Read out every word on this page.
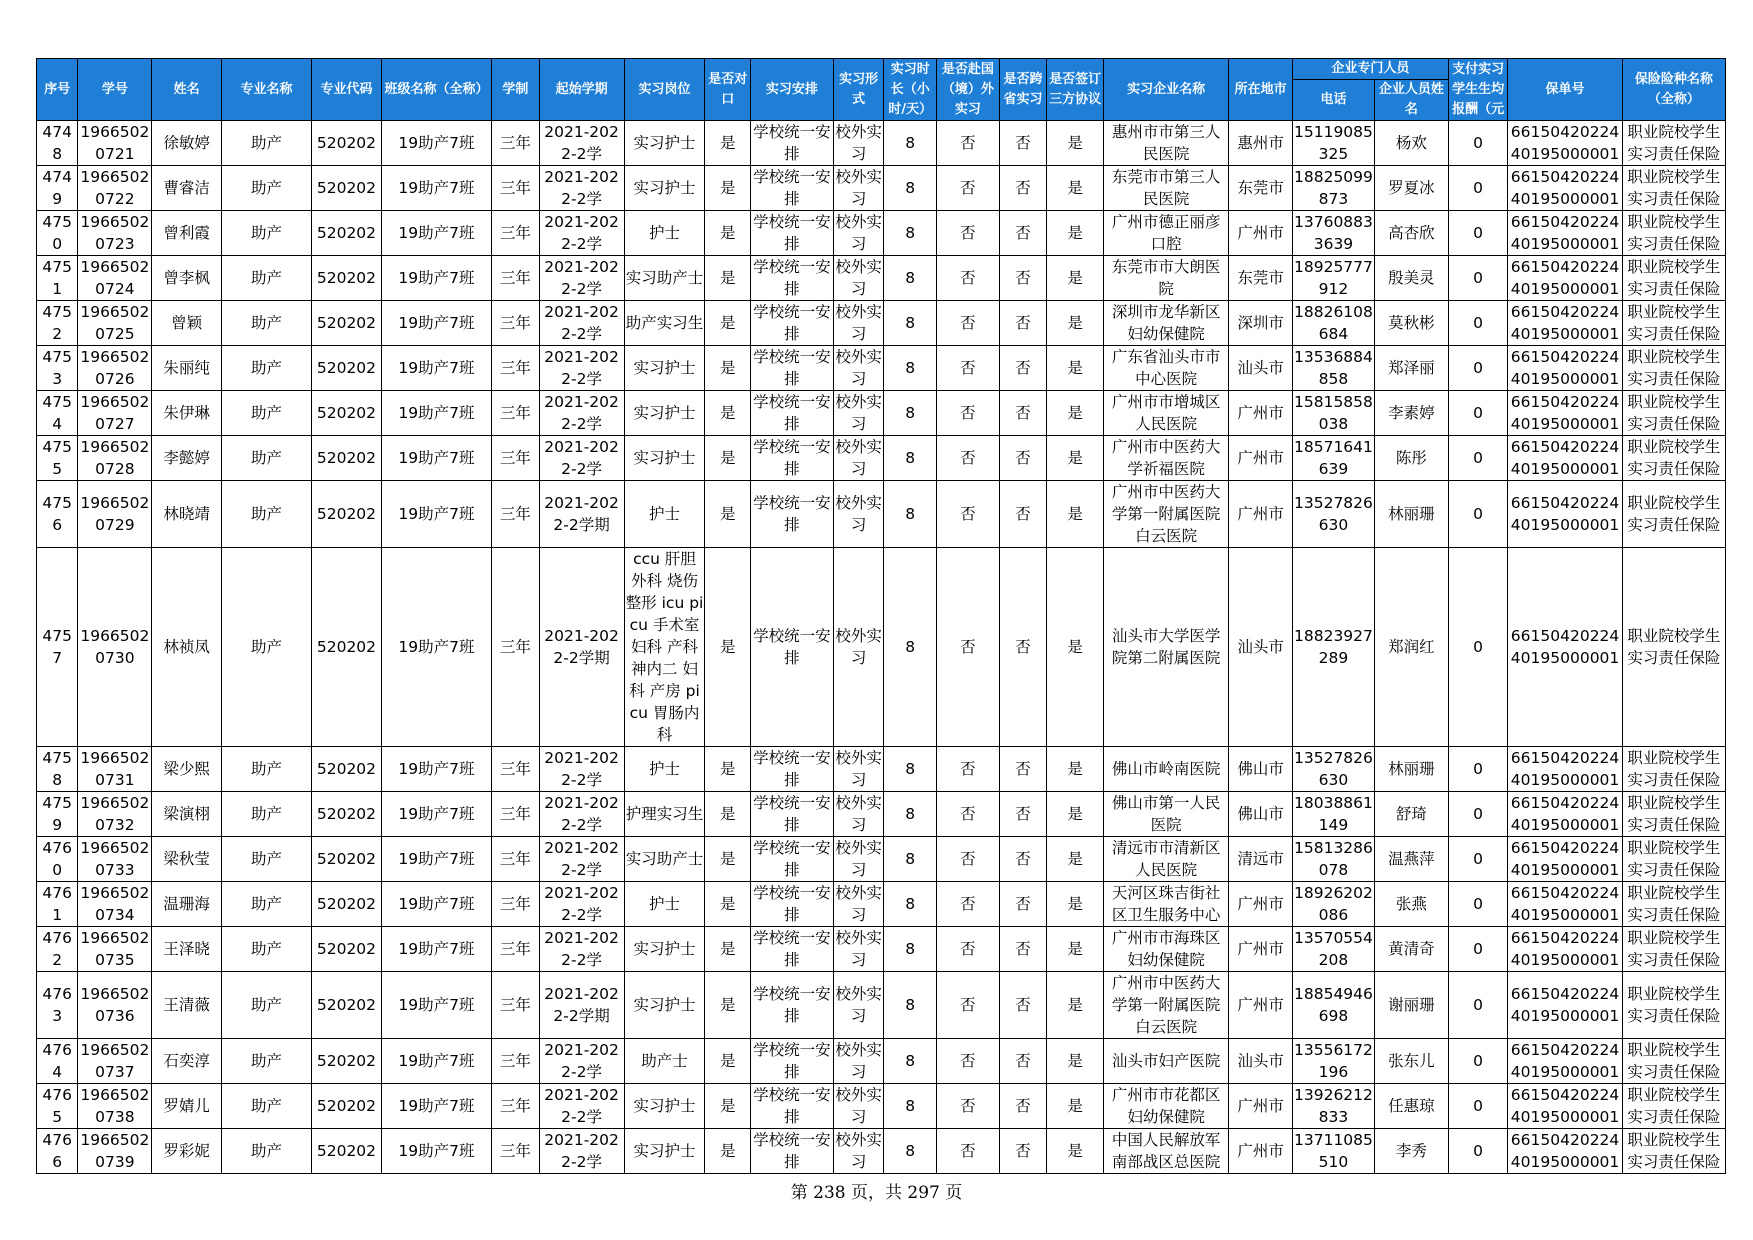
序号	学号	姓名	专业名称	专业代码	班级名称（全称）	学制	起始学期	实习岗位	是否对口	实习安排	实习形式	实习时长（小时/天）	是否赴国（境）外实习	是否跨省实习	是否签订三方协议	实习企业名称	所在地市	企业专门人员		支付实习学生生均报酬（元	保单号	保险险种名称（全称）
																		电话	企业人员姓名			

4748	19665020721	徐敏婷	助产	520202	19助产7班	三年	2021-2022-2学	实习护士	是	学校统一安排	校外实习	8	否	否	是	惠州市市第三人民医院	惠州市	15119085325	杨欢	0	6615042022440195000001	职业院校学生实习责任保险

4749	19665020722	曹睿洁	助产	520202	19助产7班	三年	2021-2022-2学	实习护士	是	学校统一安排	校外实习	8	否	否	是	东莞市市第三人民医院	东莞市	18825099873	罗夏冰	0	6615042022440195000001	职业院校学生实习责任保险

4750	19665020723	曾利霞	助产	520202	19助产7班	三年	2021-2022-2学	护士	是	学校统一安排	校外实习	8	否	否	是	广州市德正丽彦口腔	广州市	137608833639	高杏欣	0	6615042022440195000001	职业院校学生实习责任保险

4751	19665020724	曾李枫	助产	520202	19助产7班	三年	2021-2022-2学	实习助产士	是	学校统一安排	校外实习	8	否	否	是	东莞市市大朗医院	东莞市	18925777912	殷美灵	0	6615042022440195000001	职业院校学生实习责任保险

4752	19665020725	曾颖	助产	520202	19助产7班	三年	2021-2022-2学	助产实习生	是	学校统一安排	校外实习	8	否	否	是	深圳市龙华新区妇幼保健院	深圳市	18826108684	莫秋彬	0	6615042022440195000001	职业院校学生实习责任保险

4753	19665020726	朱丽纯	助产	520202	19助产7班	三年	2021-2022-2学	实习护士	是	学校统一安排	校外实习	8	否	否	是	广东省汕头市市中心医院	汕头市	13536884858	郑泽丽	0	6615042022440195000001	职业院校学生实习责任保险

4754	19665020727	朱伊琳	助产	520202	19助产7班	三年	2021-2022-2学	实习护士	是	学校统一安排	校外实习	8	否	否	是	广州市市增城区人民医院	广州市	15815858038	李素婷	0	6615042022440195000001	职业院校学生实习责任保险

4755	19665020728	李懿婷	助产	520202	19助产7班	三年	2021-2022-2学	实习护士	是	学校统一安排	校外实习	8	否	否	是	广州市中医药大学祈福医院	广州市	18571641639	陈彤	0	6615042022440195000001	职业院校学生实习责任保险

4756	19665020729	林晓靖	助产	520202	19助产7班	三年	2021-2022-2学期	护士	是	学校统一安排	校外实习	8	否	否	是	广州市中医药大学第一附属医院白云医院	广州市	13527826630	林丽珊	0	6615042022440195000001	职业院校学生实习责任保险

4757	19665020730	林祯凤	助产	520202	19助产7班	三年	2021-2022-2学期	ccu 肝胆外科 烧伤整形 icu picu 手术室 妇科 产科 神内二 妇科 产房 picu 胃肠内科	是	学校统一安排	校外实习	8	否	否	是	汕头市大学医学院第二附属医院	汕头市	18823927289	郑润红	0	6615042022440195000001	职业院校学生实习责任保险

4758	19665020731	梁少熙	助产	520202	19助产7班	三年	2021-2022-2学	护士	是	学校统一安排	校外实习	8	否	否	是	佛山市岭南医院	佛山市	13527826630	林丽珊	0	6615042022440195000001	职业院校学生实习责任保险

4759	19665020732	梁演栩	助产	520202	19助产7班	三年	2021-2022-2学	护理实习生	是	学校统一安排	校外实习	8	否	否	是	佛山市第一人民医院	佛山市	18038861149	舒琦	0	6615042022440195000001	职业院校学生实习责任保险

4760	19665020733	梁秋莹	助产	520202	19助产7班	三年	2021-2022-2学	实习助产士	是	学校统一安排	校外实习	8	否	否	是	清远市市清新区人民医院	清远市	15813286078	温燕萍	0	6615042022440195000001	职业院校学生实习责任保险

4761	19665020734	温珊海	助产	520202	19助产7班	三年	2021-2022-2学	护士	是	学校统一安排	校外实习	8	否	否	是	天河区珠吉街社区卫生服务中心	广州市	18926202086	张燕	0	6615042022440195000001	职业院校学生实习责任保险

4762	19665020735	王泽晓	助产	520202	19助产7班	三年	2021-2022-2学	实习护士	是	学校统一安排	校外实习	8	否	否	是	广州市市海珠区妇幼保健院	广州市	13570554208	黄清奇	0	6615042022440195000001	职业院校学生实习责任保险

4763	19665020736	王清薇	助产	520202	19助产7班	三年	2021-2022-2学期	实习护士	是	学校统一安排	校外实习	8	否	否	是	广州市中医药大学第一附属医院白云医院	广州市	18854946698	谢丽珊	0	6615042022440195000001	职业院校学生实习责任保险

4764	19665020737	石奕淳	助产	520202	19助产7班	三年	2021-2022-2学	助产士	是	学校统一安排	校外实习	8	否	否	是	汕头市妇产医院	汕头市	13556172196	张东儿	0	6615042022440195000001	职业院校学生实习责任保险

4765	19665020738	罗婧儿	助产	520202	19助产7班	三年	2021-2022-2学	实习护士	是	学校统一安排	校外实习	8	否	否	是	广州市市花都区妇幼保健院	广州市	13926212833	任惠琼	0	6615042022440195000001	职业院校学生实习责任保险

4766	19665020739	罗彩妮	助产	520202	19助产7班	三年	2021-2022-2学	实习护士	是	学校统一安排	校外实习	8	否	否	是	中国人民解放军南部战区总医院	广州市	13711085510	李秀	0	6615042022440195000001	职业院校学生实习责任保险
第 238 页，共 297 页
